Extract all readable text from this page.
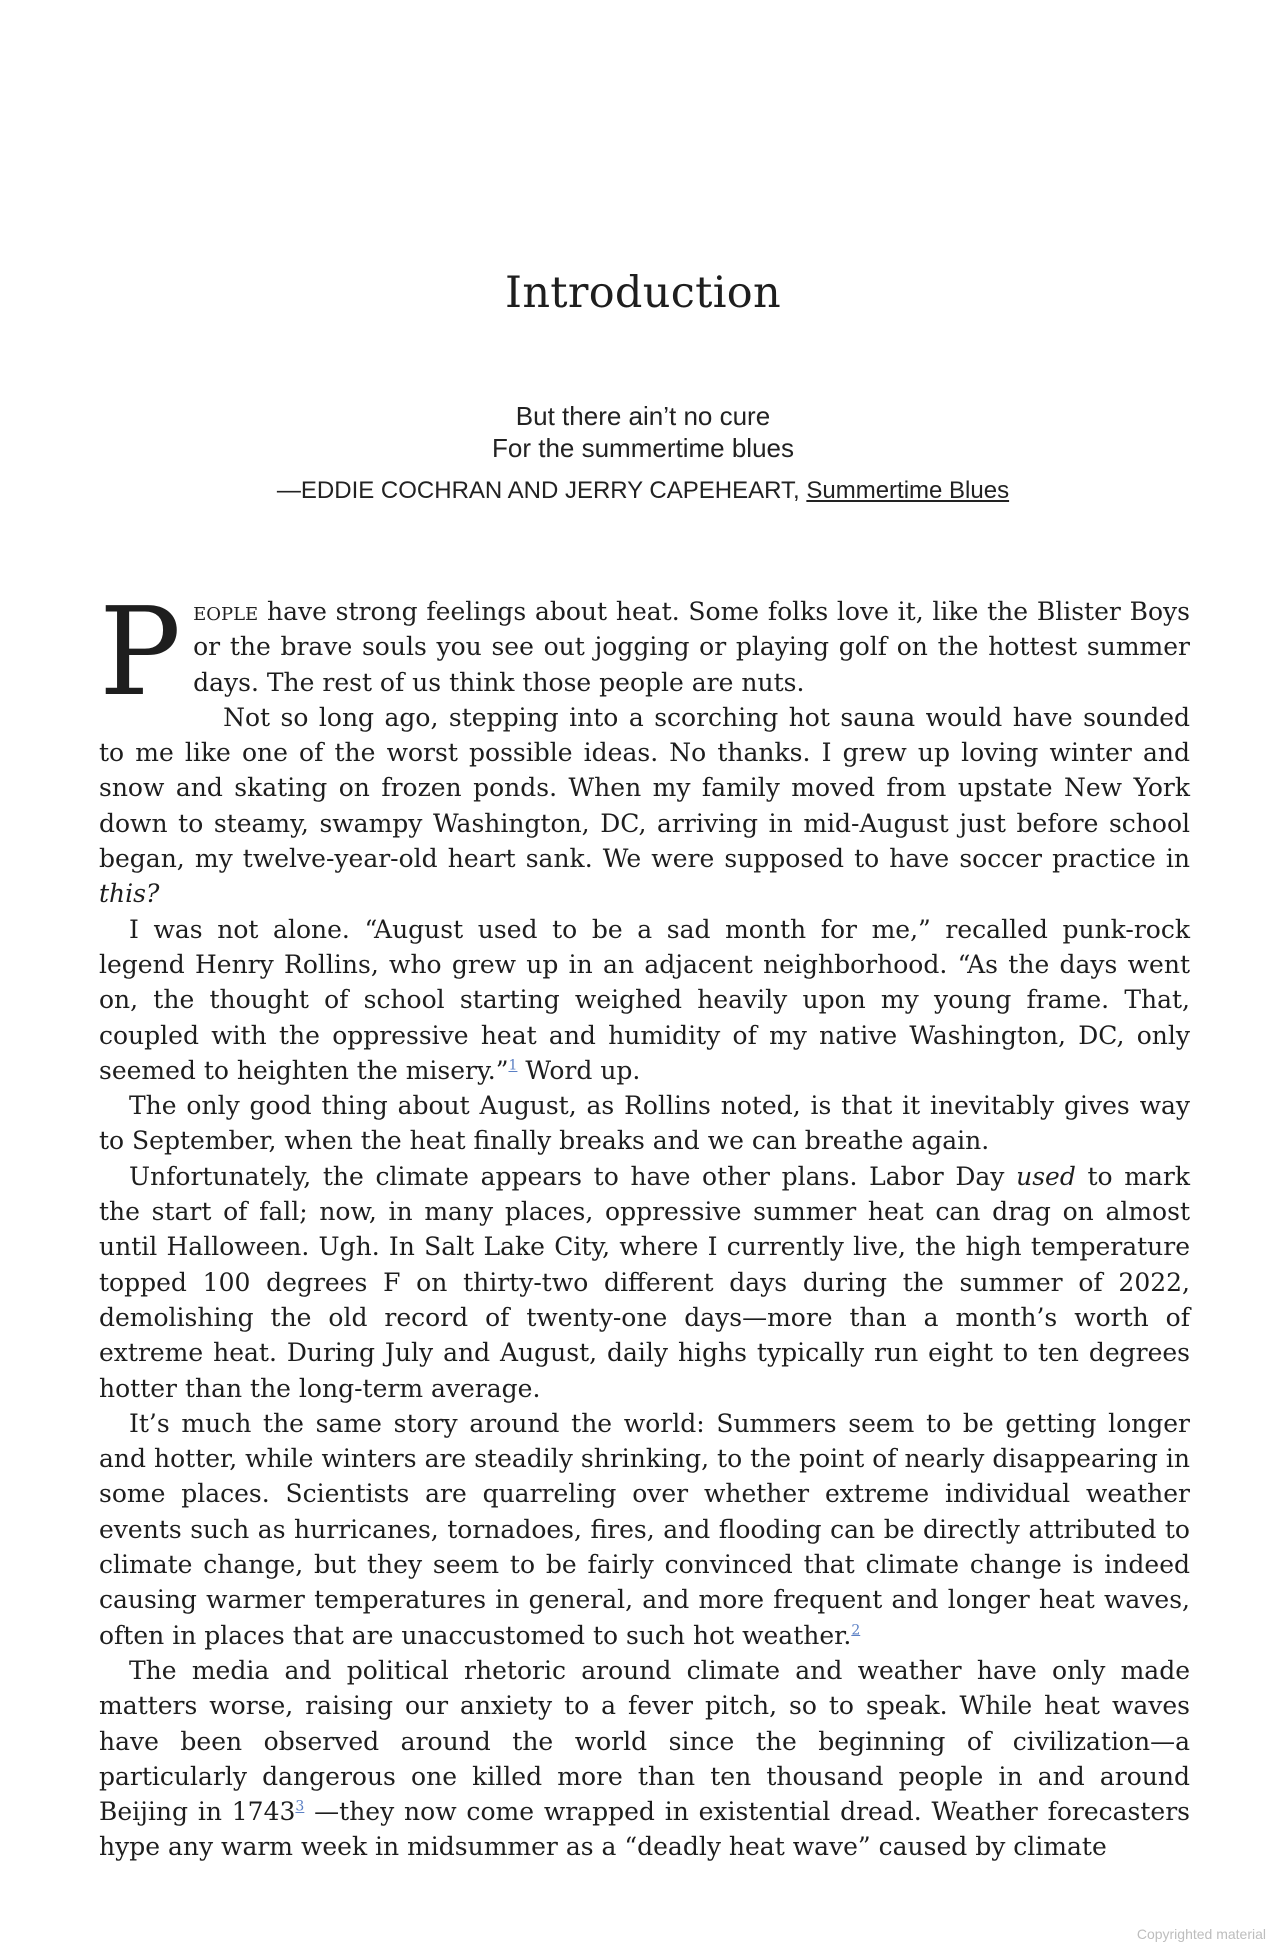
Introduction
But there ain’t no cure
For the summertime blues
—EDDIE COCHRAN AND JERRY CAPEHEART, Summertime Blues

People have strong feelings about heat. Some folks love it, like the Blister Boys or the brave souls you see out jogging or playing golf on the hottest summer days. The rest of us think those people are nuts.

Not so long ago, stepping into a scorching hot sauna would have sounded to me like one of the worst possible ideas. No thanks. I grew up loving winter and snow and skating on frozen ponds. When my family moved from upstate New York down to steamy, swampy Washington, DC, arriving in mid-August just before school began, my twelve-year-old heart sank. We were supposed to have soccer practice in this?

I was not alone. “August used to be a sad month for me,” recalled punk-rock legend Henry Rollins, who grew up in an adjacent neighborhood. “As the days went on, the thought of school starting weighed heavily upon my young frame. That, coupled with the oppressive heat and humidity of my native Washington, DC, only seemed to heighten the misery.”$^1$ Word up.

The only good thing about August, as Rollins noted, is that it inevitably gives way to September, when the heat finally breaks and we can breathe again.

Unfortunately, the climate appears to have other plans. Labor Day used to mark the start of fall; now, in many places, oppressive summer heat can drag on almost until Halloween. Ugh. In Salt Lake City, where I currently live, the high temperature topped 100 degrees F on thirty-two different days during the summer of 2022, demolishing the old record of twenty-one days—more than a month’s worth of extreme heat. During July and August, daily highs typically run eight to ten degrees hotter than the long-term average.

It’s much the same story around the world: Summers seem to be getting longer and hotter, while winters are steadily shrinking, to the point of nearly disappearing in some places. Scientists are quarreling over whether extreme individual weather events such as hurricanes, tornadoes, fires, and flooding can be directly attributed to climate change, but they seem to be fairly convinced that climate change is indeed causing warmer temperatures in general, and more frequent and longer heat waves, often in places that are unaccustomed to such hot weather.$^2$

The media and political rhetoric around climate and weather have only made matters worse, raising our anxiety to a fever pitch, so to speak. While heat waves have been observed around the world since the beginning of civilization—a particularly dangerous one killed more than ten thousand people in and around Beijing in 1743$^3$ —they now come wrapped in existential dread. Weather forecasters hype any warm week in midsummer as a “deadly heat wave” caused by climate

Copyrighted material
